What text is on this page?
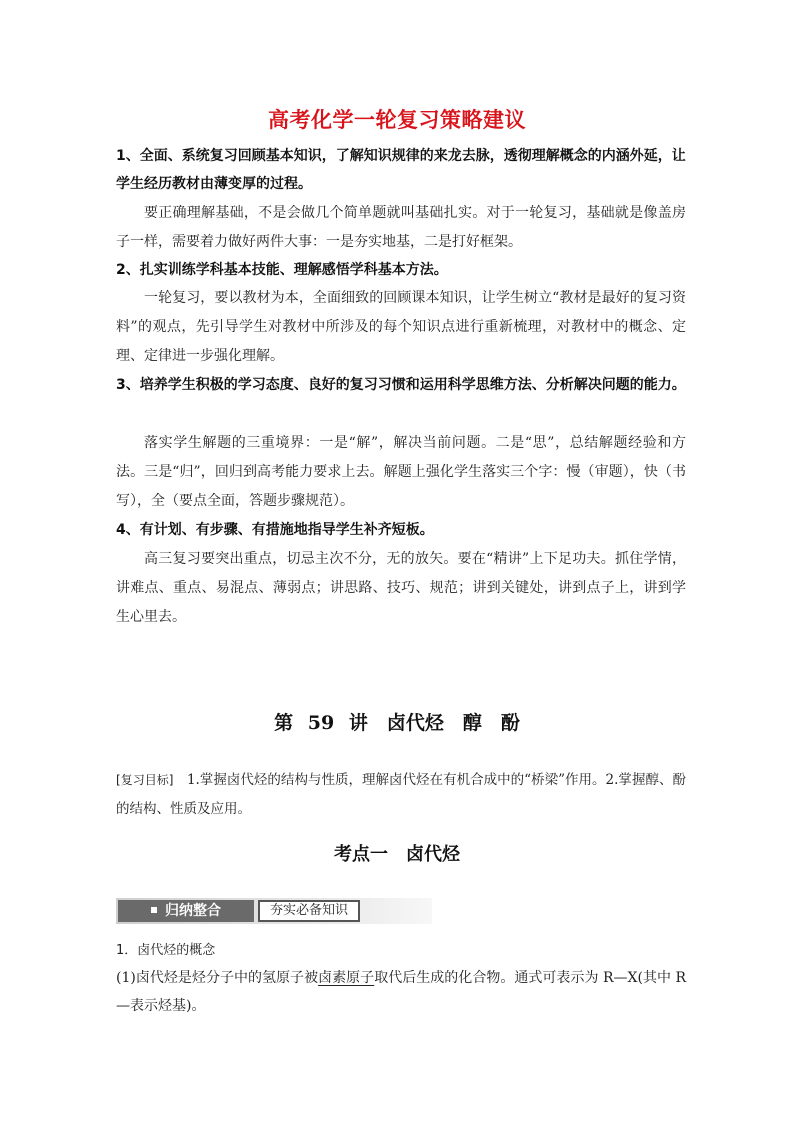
高考化学一轮复习策略建议
1、全面、系统复习回顾基本知识，了解知识规律的来龙去脉，透彻理解概念的内涵外延，让学生经历教材由薄变厚的过程。
要正确理解基础，不是会做几个简单题就叫基础扎实。对于一轮复习，基础就是像盖房子一样，需要着力做好两件大事：一是夯实地基，二是打好框架。
2、扎实训练学科基本技能、理解感悟学科基本方法。
一轮复习，要以教材为本，全面细致的回顾课本知识，让学生树立“教材是最好的复习资料”的观点，先引导学生对教材中所涉及的每个知识点进行重新梳理，对教材中的概念、定理、定律进一步强化理解。
3、培养学生积极的学习态度、良好的复习习惯和运用科学思维方法、分析解决问题的能力。
落实学生解题的三重境界：一是“解”，解决当前问题。二是“思”，总结解题经验和方法。三是“归”，回归到高考能力要求上去。解题上强化学生落实三个字：慢（审题），快（书写），全（要点全面，答题步骤规范）。
4、有计划、有步骤、有措施地指导学生补齐短板。
高三复习要突出重点，切忌主次不分，无的放矢。要在“精讲”上下足功夫。抓住学情，讲难点、重点、易混点、薄弱点；讲思路、技巧、规范；讲到关键处，讲到点子上，讲到学生心里去。
第 59 讲　卤代烃　醇　酚
[复习目标]　1.掌握卤代烃的结构与性质，理解卤代烃在有机合成中的“桥梁”作用。2.掌握醇、酚的结构、性质及应用。
考点一　卤代烃
归纳整合	夯实必备知识
1．卤代烃的概念
(1)卤代烃是烃分子中的氢原子被卤素原子取代后生成的化合物。通式可表示为 R—X(其中 R—表示烃基)。
